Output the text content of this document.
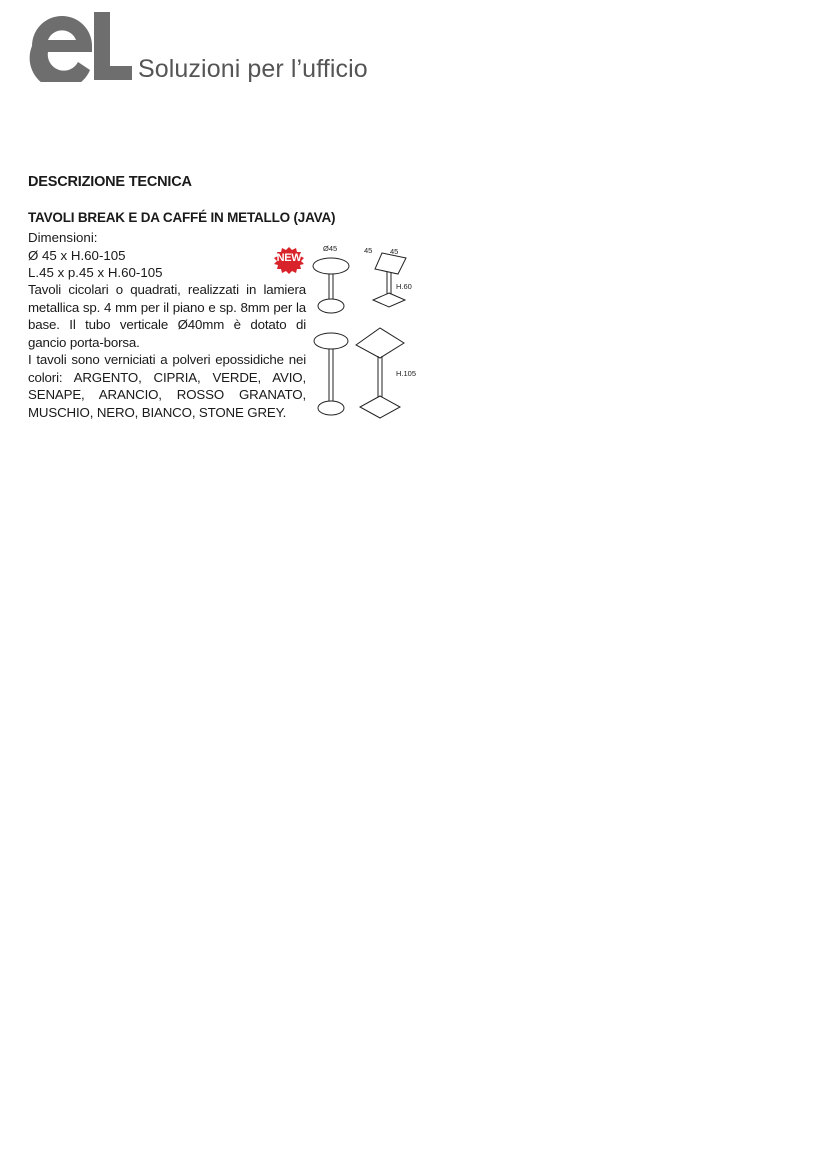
Soluzioni per l’ufficio
DESCRIZIONE TECNICA
TAVOLI BREAK E DA CAFFÉ IN METALLO (JAVA)
Dimensioni:
Ø 45 x H.60-105
L.45 x p.45 x H.60-105

Tavoli cicolari o quadrati, realizzati in lamiera metallica sp. 4 mm per il piano e sp. 8mm per la base. Il tubo verticale Ø40mm è dotato di gancio porta-borsa.

I tavoli sono verniciati a polveri epossidiche nei colori: ARGENTO, CIPRIA, VERDE, AVIO, SENAPE, ARANCIO, ROSSO GRANATO, MUSCHIO, NERO, BIANCO, STONE GREY.

NEW
Ø45	45 45
H.60
H.105
